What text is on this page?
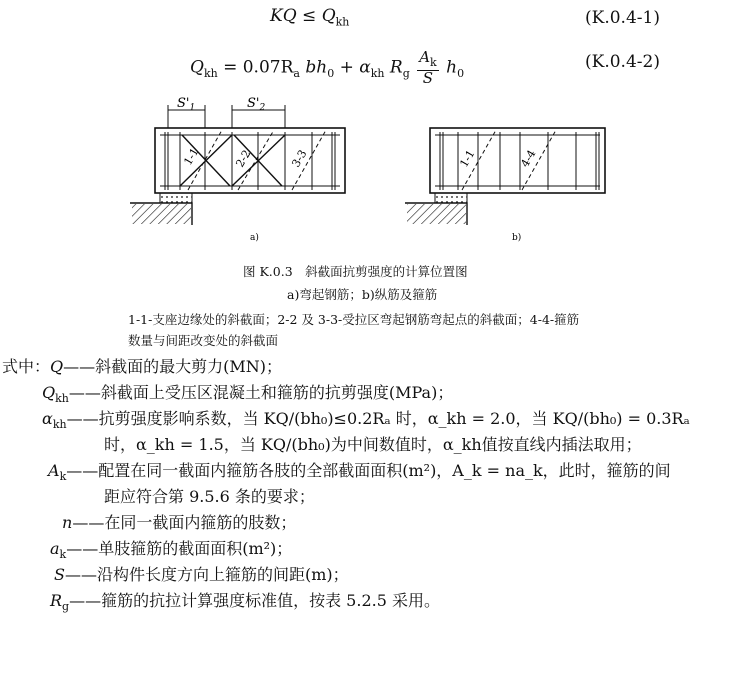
KQ ≤ $Q_{kh}$	(K.0.4-1)
$Q_{kh} = 0.07R_a$ $bh_0 + \alpha_{kh}$ $R_g \frac{A_k}{S} h_0$
(K.0.4-2)
1-1	2-2	3-3
$S'_1$	$S'_2$
a)
1-1	4-4
b)
图 K.0.3　斜截面抗剪强度的计算位置图
a)弯起钢筋；b)纵筋及箍筋
1-1-支座边缘处的斜截面；2-2 及 3-3-受拉区弯起钢筋弯起点的斜截面；4-4-箍筋
数量与间距改变处的斜截面
式中：Q——斜截面的最大剪力(MN)；
$Q_{kh}——$斜截面上受压区混凝土和箍筋的抗剪强度(MPa)；
$\alpha_{kh}——$抗剪强度影响系数，当 KQ/(bh₀)≤0.2Rₐ 时，α_kh = 2.0，当 KQ/(bh₀) = 0.3Rₐ
时，α_kh = 1.5，当 KQ/(bh₀)为中间数值时，α_kh值按直线内插法取用；
$A_k——$配置在同一截面内箍筋各肢的全部截面面积(m²)，A_k = na_k，此时，箍筋的间
距应符合第 9.5.6 条的要求；
n——在同一截面内箍筋的肢数；
$a_k——$单肢箍筋的截面面积(m²)；
S——沿构件长度方向上箍筋的间距(m)；
$R_g——$箍筋的抗拉计算强度标准值，按表 5.2.5 采用。
